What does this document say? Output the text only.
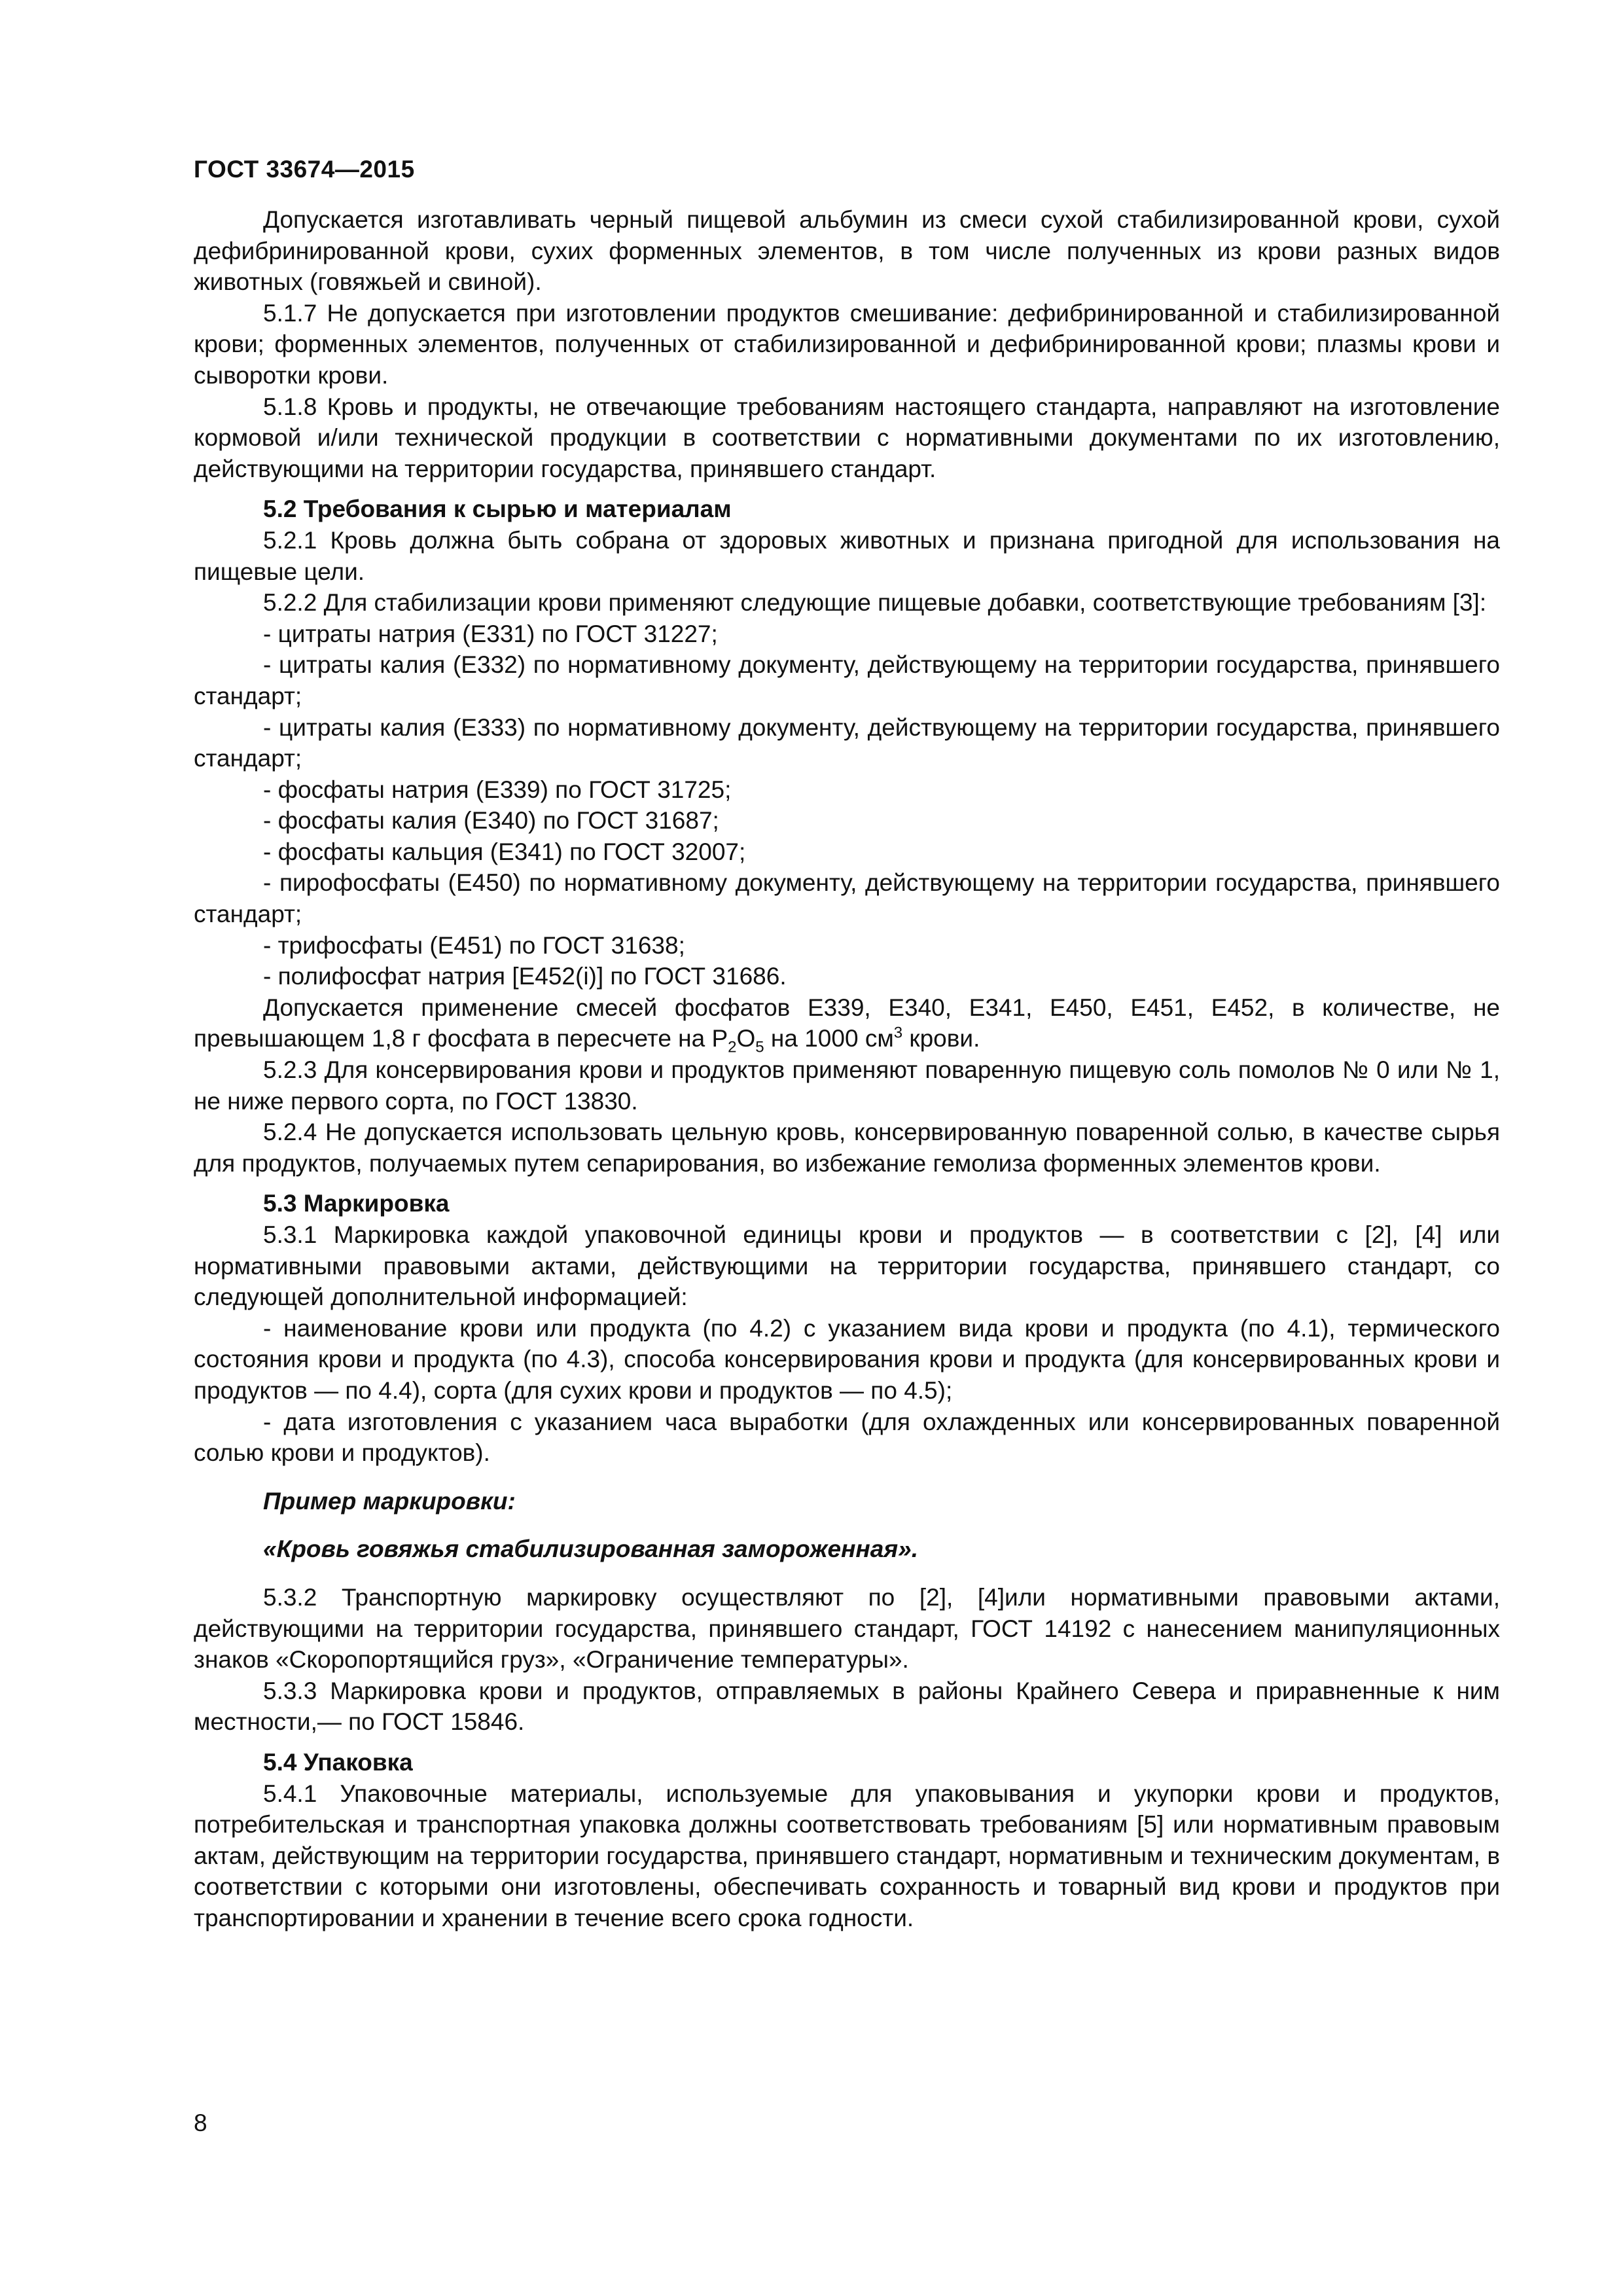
ГОСТ 33674—2015

Допускается изготавливать черный пищевой альбумин из смеси сухой стабилизированной крови, сухой дефибринированной крови, сухих форменных элементов, в том числе полученных из крови разных видов животных (говяжьей и свиной).

5.1.7 Не допускается при изготовлении продуктов смешивание: дефибринированной и стабилизированной крови; форменных элементов, полученных от стабилизированной и дефибринированной крови; плазмы крови и сыворотки крови.

5.1.8 Кровь и продукты, не отвечающие требованиям настоящего стандарта, направляют на изготовление кормовой и/или технической продукции в соответствии с нормативными документами по их изготовлению, действующими на территории государства, принявшего стандарт.

5.2 Требования к сырью и материалам

5.2.1 Кровь должна быть собрана от здоровых животных и признана пригодной для использования на пищевые цели.

5.2.2 Для стабилизации крови применяют следующие пищевые добавки, соответствующие требованиям [3]:

- цитраты натрия (Е331) по ГОСТ 31227;

- цитраты калия (Е332) по нормативному документу, действующему на территории государства, принявшего стандарт;

- цитраты калия (Е333) по нормативному документу, действующему на территории государства, принявшего стандарт;

- фосфаты натрия (Е339) по ГОСТ 31725;

- фосфаты калия (Е340) по ГОСТ 31687;

- фосфаты кальция (Е341) по ГОСТ 32007;

- пирофосфаты (Е450) по нормативному документу, действующему на территории государства, принявшего стандарт;

- трифосфаты (Е451) по ГОСТ 31638;

- полифосфат натрия [Е452(i)] по ГОСТ 31686.

Допускается применение смесей фосфатов Е339, Е340, Е341, Е450, Е451, Е452, в количестве, не превышающем 1,8 г фосфата в пересчете на $P_2O_5$ на 1000 $см^3$ крови.

5.2.3 Для консервирования крови и продуктов применяют поваренную пищевую соль помолов № 0 или № 1, не ниже первого сорта, по ГОСТ 13830.

5.2.4 Не допускается использовать цельную кровь, консервированную поваренной солью, в качестве сырья для продуктов, получаемых путем сепарирования, во избежание гемолиза форменных элементов крови.

5.3 Маркировка

5.3.1 Маркировка каждой упаковочной единицы крови и продуктов — в соответствии с [2], [4] или нормативными правовыми актами, действующими на территории государства, принявшего стандарт, со следующей дополнительной информацией:

- наименование крови или продукта (по 4.2) с указанием вида крови и продукта (по 4.1), термического состояния крови и продукта (по 4.3), способа консервирования крови и продукта (для консервированных крови и продуктов — по 4.4), сорта (для сухих крови и продуктов — по 4.5);

- дата изготовления с указанием часа выработки (для охлажденных или консервированных поваренной солью крови и продуктов).

Пример маркировки:

«Кровь говяжья стабилизированная замороженная».

5.3.2 Транспортную маркировку осуществляют по [2], [4]или нормативными правовыми актами, действующими на территории государства, принявшего стандарт, ГОСТ 14192 с нанесением манипуляционных знаков «Скоропортящийся груз», «Ограничение температуры».

5.3.3 Маркировка крови и продуктов, отправляемых в районы Крайнего Севера и приравненные к ним местности,— по ГОСТ 15846.

5.4 Упаковка

5.4.1 Упаковочные материалы, используемые для упаковывания и укупорки крови и продуктов, потребительская и транспортная упаковка должны соответствовать требованиям [5] или нормативным правовым актам, действующим на территории государства, принявшего стандарт, нормативным и техническим документам, в соответствии с которыми они изготовлены, обеспечивать сохранность и товарный вид крови и продуктов при транспортировании и хранении в течение всего срока годности.

8
